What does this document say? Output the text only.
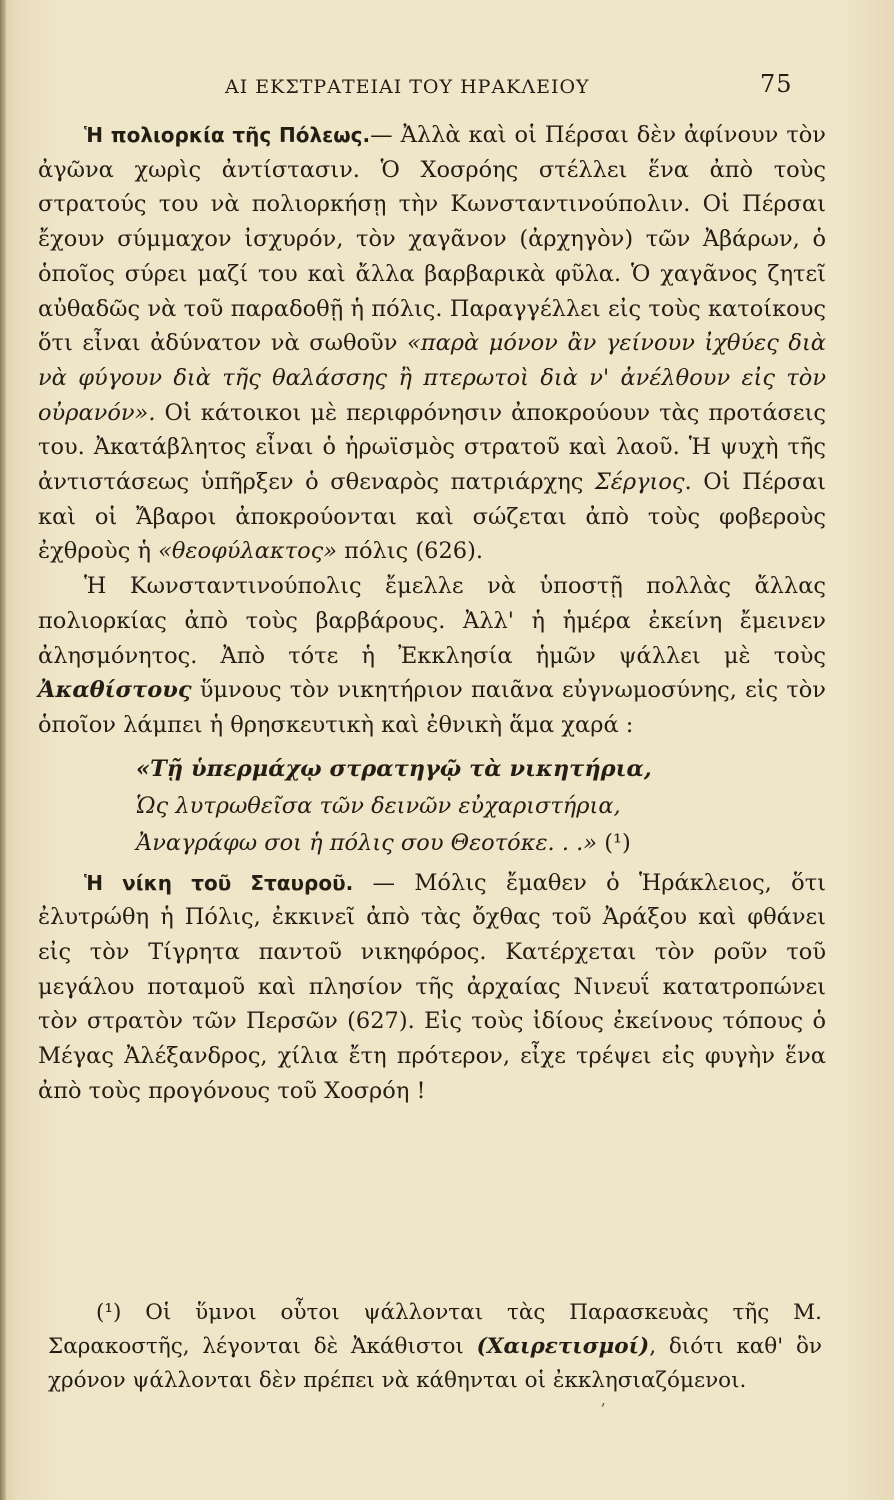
ΑΙ ΕΚΣΤΡΑΤΕΙΑΙ ΤΟΥ ΗΡΑΚΛΕΙΟΥ	75

Ἡ πολιορκία τῆς Πόλεως.— Ἀλλὰ καὶ οἱ Πέρσαι δὲν ἀφίνουν τὸν ἀγῶνα χωρὶς ἀντίστασιν. Ὁ Χοσρόης στέλλει ἕνα ἀπὸ τοὺς στρατούς του νὰ πολιορκήσῃ τὴν Κωνσταντινούπολιν. Οἱ Πέρσαι ἔχουν σύμμαχον ἰσχυρόν, τὸν χαγᾶνον (ἀρχηγὸν) τῶν Ἀβάρων, ὁ ὁποῖος σύρει μαζί του καὶ ἄλλα βαρβαρικὰ φῦλα. Ὁ χαγᾶνος ζητεῖ αὐθαδῶς νὰ τοῦ παραδοθῇ ἡ πόλις. Παραγγέλλει εἰς τοὺς κατοίκους ὅτι εἶναι ἀδύνατον νὰ σωθοῦν «παρὰ μόνον ἂν γείνουν ἰχθύες διὰ νὰ φύγουν διὰ τῆς θαλάσσης ἢ πτερωτοὶ διὰ ν' ἀνέλθουν εἰς τὸν οὐρανόν». Οἱ κάτοικοι μὲ περιφρόνησιν ἀποκρούουν τὰς προτάσεις του. Ἀκατάβλητος εἶναι ὁ ἡρωϊσμὸς στρατοῦ καὶ λαοῦ. Ἡ ψυχὴ τῆς ἀντιστάσεως ὑπῆρξεν ὁ σθεναρὸς πατριάρχης Σέργιος. Οἱ Πέρσαι καὶ οἱ Ἄβαροι ἀποκρούονται καὶ σώζεται ἀπὸ τοὺς φοβεροὺς ἐχθροὺς ἡ «θεοφύλακτος» πόλις (626).

Ἡ Κωνσταντινούπολις ἔμελλε νὰ ὑποστῇ πολλὰς ἄλλας πολιορκίας ἀπὸ τοὺς βαρβάρους. Ἀλλ' ἡ ἡμέρα ἐκείνη ἔμεινεν ἀλησμόνητος. Ἀπὸ τότε ἡ Ἐκκλησία ἡμῶν ψάλλει μὲ τοὺς Ἀκαθίστους ὕμνους τὸν νικητήριον παιᾶνα εὐγνωμοσύνης, εἰς τὸν ὁποῖον λάμπει ἡ θρησκευτικὴ καὶ ἐθνικὴ ἅμα χαρά :

«Τῇ ὑπερμάχῳ στρατηγῷ τὰ νικητήρια,
Ὡς λυτρωθεῖσα τῶν δεινῶν εὐχαριστήρια,
Ἀναγράφω σοι ἡ πόλις σου Θεοτόκε. . .» (¹)

Ἡ νίκη τοῦ Σταυροῦ. — Μόλις ἔμαθεν ὁ Ἡράκλειος, ὅτι ἐλυτρώθη ἡ Πόλις, ἐκκινεῖ ἀπὸ τὰς ὄχθας τοῦ Ἀράξου καὶ φθάνει εἰς τὸν Τίγρητα παντοῦ νικηφόρος. Κατέρχεται τὸν ροῦν τοῦ μεγάλου ποταμοῦ καὶ πλησίον τῆς ἀρχαίας Νινευΐ κατατροπώνει τὸν στρατὸν τῶν Περσῶν (627). Εἰς τοὺς ἰδίους ἐκείνους τόπους ὁ Μέγας Ἀλέξανδρος, χίλια ἔτη πρότερον, εἶχε τρέψει εἰς φυγὴν ἕνα ἀπὸ τοὺς προγόνους τοῦ Χοσρόη !

(¹) Οἱ ὕμνοι οὗτοι ψάλλονται τὰς Παρασκευὰς τῆς Μ. Σαρακοστῆς, λέγονται δὲ Ἀκάθιστοι (Χαιρετισμοί), διότι καθ' ὃν χρόνον ψάλλονται δὲν πρέπει νὰ κάθηνται οἱ ἐκκλησιαζόμενοι.
ʼ
